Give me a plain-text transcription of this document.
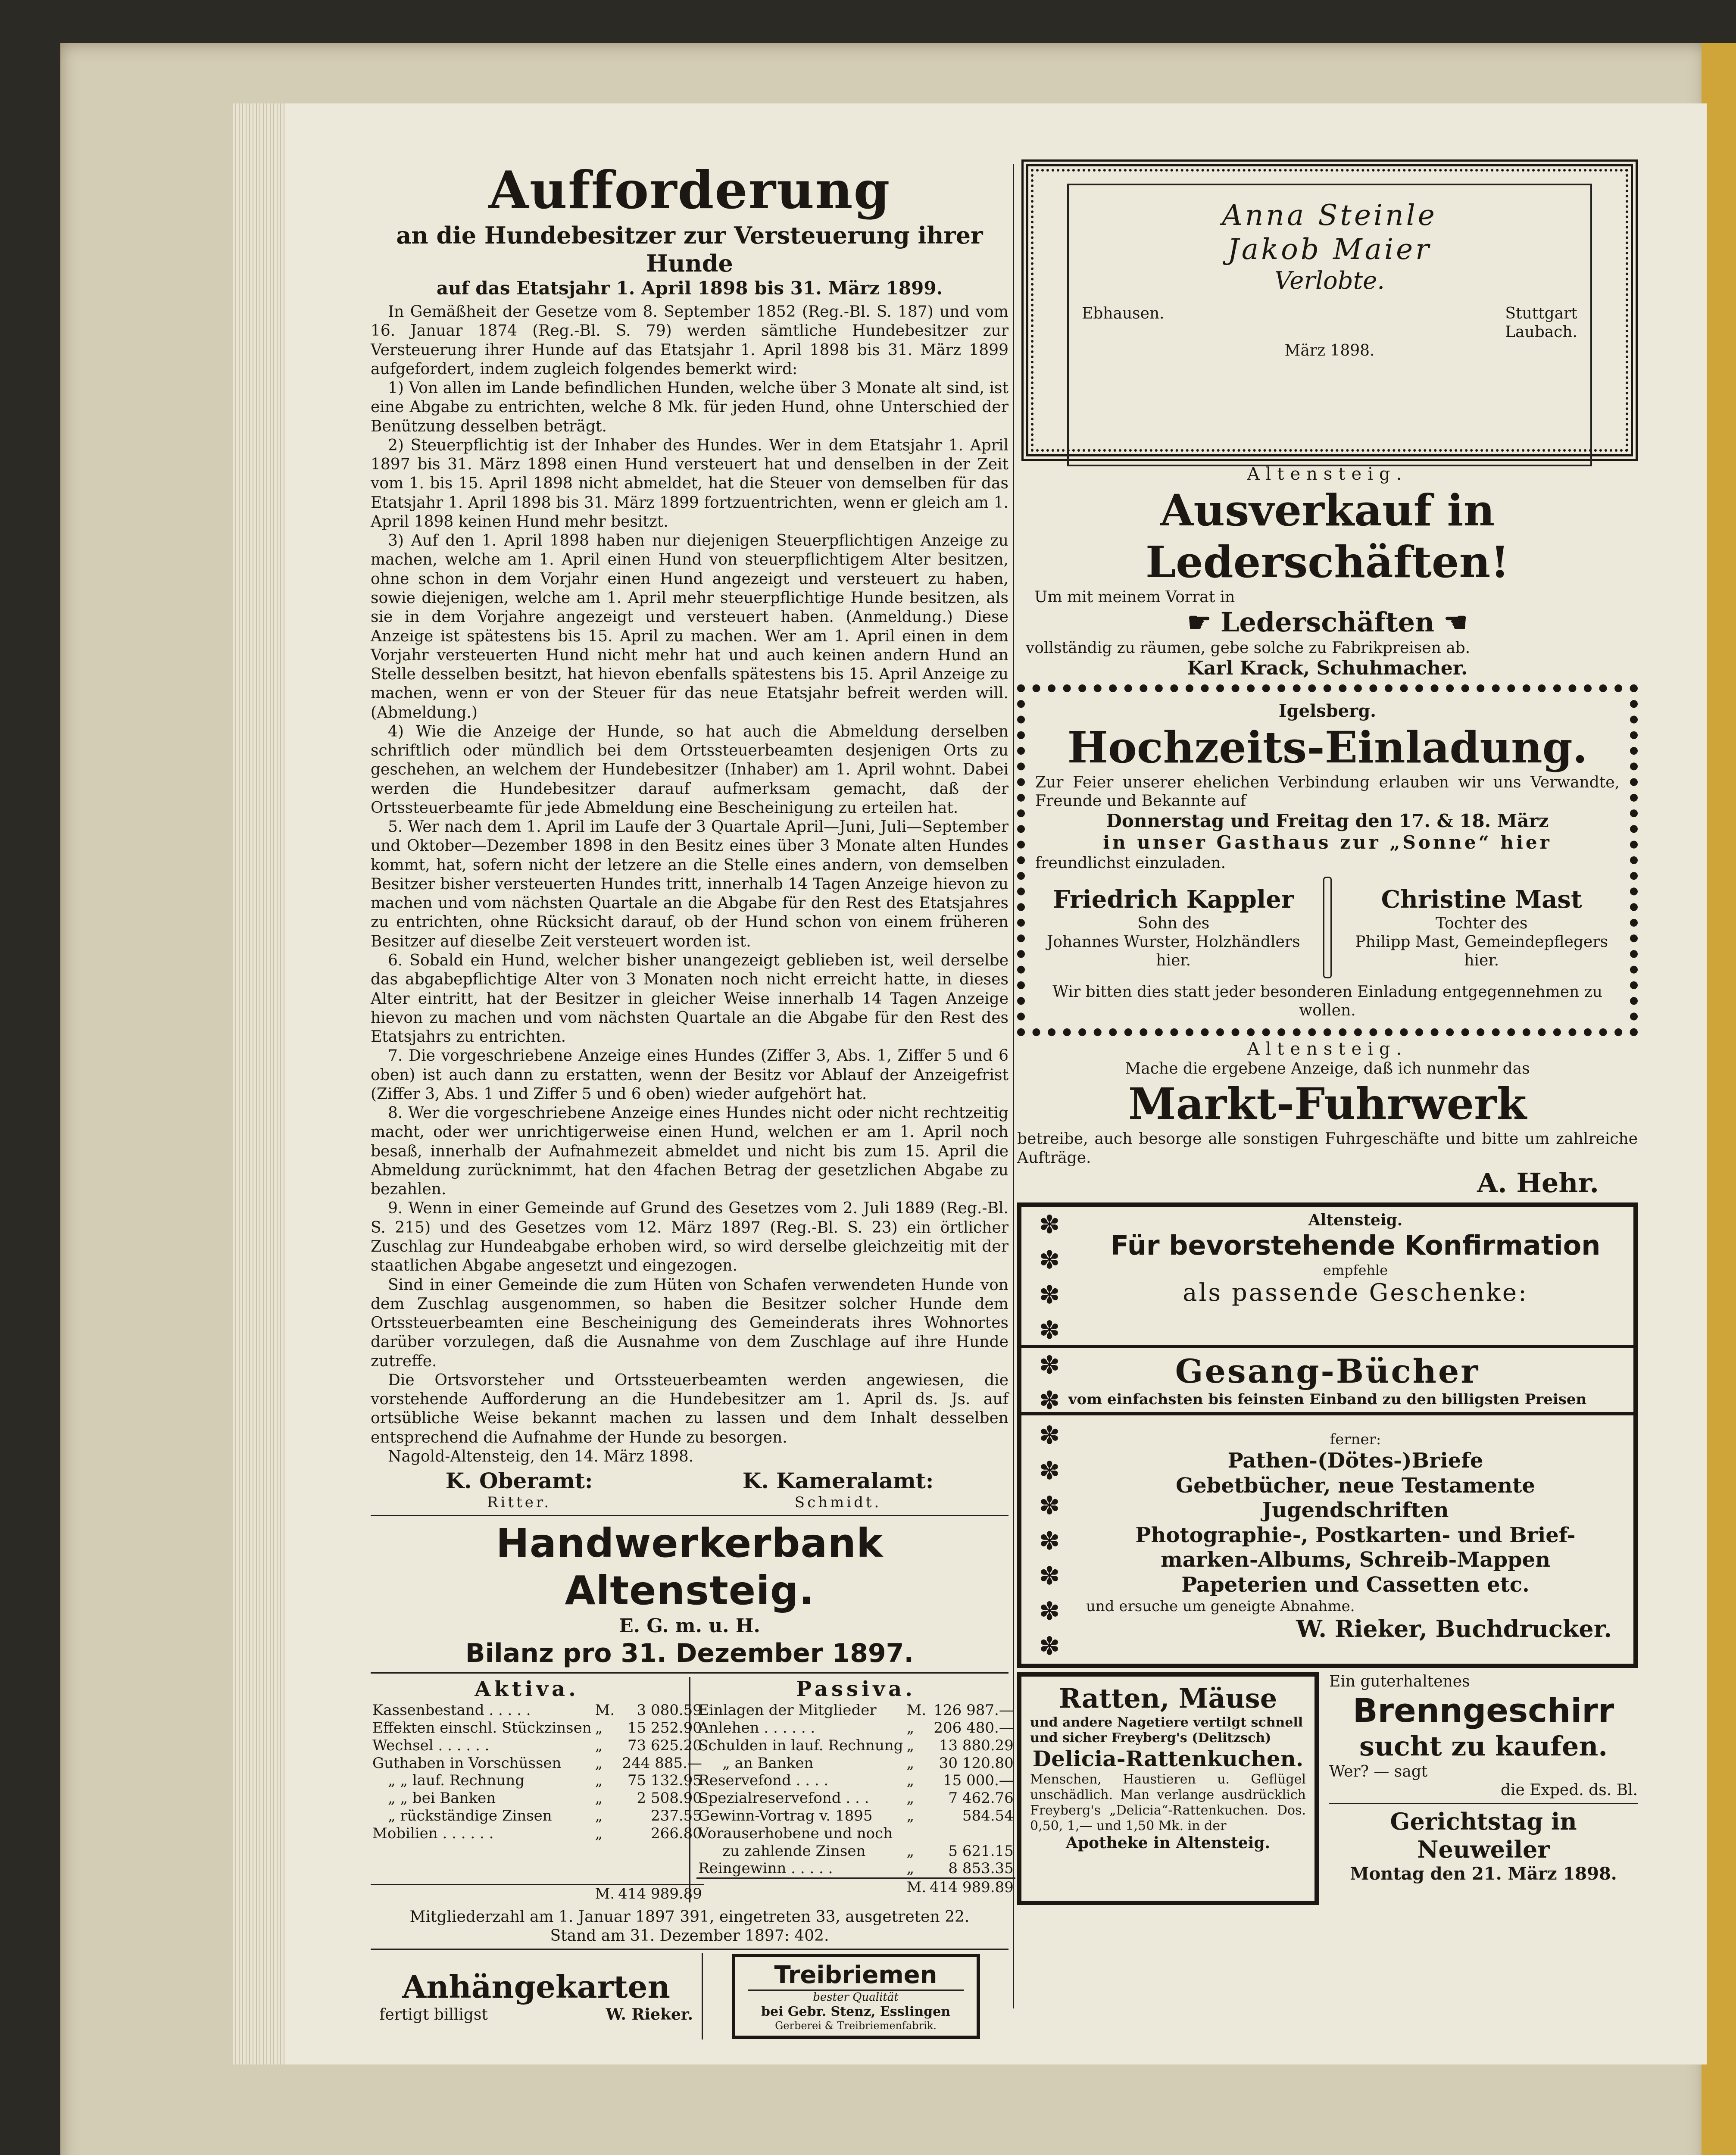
Aufforderung
an die Hundebesitzer zur Versteuerung ihrer Hunde
auf das Etatsjahr 1. April 1898 bis 31. März 1899.

In Gemäßheit der Gesetze vom 8. September 1852 (Reg.-Bl. S. 187) und vom 16. Januar 1874 (Reg.-Bl. S. 79) werden sämtliche Hundebesitzer zur Versteuerung ihrer Hunde auf das Etatsjahr 1. April 1898 bis 31. März 1899 aufgefordert, indem zugleich folgendes bemerkt wird:

1) Von allen im Lande befindlichen Hunden, welche über 3 Monate alt sind, ist eine Abgabe zu entrichten, welche 8 Mk. für jeden Hund, ohne Unterschied der Benützung desselben beträgt.

2) Steuerpflichtig ist der Inhaber des Hundes. Wer in dem Etatsjahr 1. April 1897 bis 31. März 1898 einen Hund versteuert hat und denselben in der Zeit vom 1. bis 15. April 1898 nicht abmeldet, hat die Steuer von demselben für das Etatsjahr 1. April 1898 bis 31. März 1899 fortzuentrichten, wenn er gleich am 1. April 1898 keinen Hund mehr besitzt.

3) Auf den 1. April 1898 haben nur diejenigen Steuerpflichtigen Anzeige zu machen, welche am 1. April einen Hund von steuerpflichtigem Alter besitzen, ohne schon in dem Vorjahr einen Hund angezeigt und versteuert zu haben, sowie diejenigen, welche am 1. April mehr steuerpflichtige Hunde besitzen, als sie in dem Vorjahre angezeigt und versteuert haben. (Anmeldung.) Diese Anzeige ist spätestens bis 15. April zu machen. Wer am 1. April einen in dem Vorjahr versteuerten Hund nicht mehr hat und auch keinen andern Hund an Stelle desselben besitzt, hat hievon ebenfalls spätestens bis 15. April Anzeige zu machen, wenn er von der Steuer für das neue Etatsjahr befreit werden will. (Abmeldung.)

4) Wie die Anzeige der Hunde, so hat auch die Abmeldung derselben schriftlich oder mündlich bei dem Ortssteuerbeamten desjenigen Orts zu geschehen, an welchem der Hundebesitzer (Inhaber) am 1. April wohnt. Dabei werden die Hundebesitzer darauf aufmerksam gemacht, daß der Ortssteuerbeamte für jede Abmeldung eine Bescheinigung zu erteilen hat.

5. Wer nach dem 1. April im Laufe der 3 Quartale April—Juni, Juli—September und Oktober—Dezember 1898 in den Besitz eines über 3 Monate alten Hundes kommt, hat, sofern nicht der letzere an die Stelle eines andern, von demselben Besitzer bisher versteuerten Hundes tritt, innerhalb 14 Tagen Anzeige hievon zu machen und vom nächsten Quartale an die Abgabe für den Rest des Etatsjahres zu entrichten, ohne Rücksicht darauf, ob der Hund schon von einem früheren Besitzer auf dieselbe Zeit versteuert worden ist.

6. Sobald ein Hund, welcher bisher unangezeigt geblieben ist, weil derselbe das abgabepflichtige Alter von 3 Monaten noch nicht erreicht hatte, in dieses Alter eintritt, hat der Besitzer in gleicher Weise innerhalb 14 Tagen Anzeige hievon zu machen und vom nächsten Quartale an die Abgabe für den Rest des Etatsjahrs zu entrichten.

7. Die vorgeschriebene Anzeige eines Hundes (Ziffer 3, Abs. 1, Ziffer 5 und 6 oben) ist auch dann zu erstatten, wenn der Besitz vor Ablauf der Anzeigefrist (Ziffer 3, Abs. 1 und Ziffer 5 und 6 oben) wieder aufgehört hat.

8. Wer die vorgeschriebene Anzeige eines Hundes nicht oder nicht rechtzeitig macht, oder wer unrichtigerweise einen Hund, welchen er am 1. April noch besaß, innerhalb der Aufnahmezeit abmeldet und nicht bis zum 15. April die Abmeldung zurücknimmt, hat den 4fachen Betrag der gesetzlichen Abgabe zu bezahlen.

9. Wenn in einer Gemeinde auf Grund des Gesetzes vom 2. Juli 1889 (Reg.-Bl. S. 215) und des Gesetzes vom 12. März 1897 (Reg.-Bl. S. 23) ein örtlicher Zuschlag zur Hundeabgabe erhoben wird, so wird derselbe gleichzeitig mit der staatlichen Abgabe angesetzt und eingezogen.

Sind in einer Gemeinde die zum Hüten von Schafen verwendeten Hunde von dem Zuschlag ausgenommen, so haben die Besitzer solcher Hunde dem Ortssteuerbeamten eine Bescheinigung des Gemeinderats ihres Wohnortes darüber vorzulegen, daß die Ausnahme von dem Zuschlage auf ihre Hunde zutreffe.

Die Ortsvorsteher und Ortssteuerbeamten werden angewiesen, die vorstehende Aufforderung an die Hundebesitzer am 1. April ds. Js. auf ortsübliche Weise bekannt machen zu lassen und dem Inhalt desselben entsprechend die Aufnahme der Hunde zu besorgen.

Nagold-Altensteig, den 14. März 1898.

K. Oberamt:
Ritter.
K. Kameralamt:
Schmidt.
Handwerkerbank Altensteig.
E. G. m. u. H.
Bilanz pro 31. Dezember 1897.
Aktiva.
Kassenbestand . . . . .	M.	3 080.59
Effekten einschl. Stückzinsen	„	15 252.90
Wechsel . . . . . .	„	73 625.20
Guthaben in Vorschüssen	„	244 885.—
„ „ lauf. Rechnung	„	75 132.95
„ „ bei Banken	„	2 508.90
„ rückständige Zinsen	„	237.55
Mobilien . . . . . .	„	266.80

	M.	414 989.89
Passiva.
Einlagen der Mitglieder	M.	126 987.—
Anlehen . . . . . .	„	206 480.—
Schulden in lauf. Rechnung	„	13 880.29
„ an Banken	„	30 120.80
Reservefond . . . .	„	15 000.—
Spezialreservefond . . .	„	7 462.76
Gewinn-Vortrag v. 1895	„	584.54
Vorauserhobene und noch		
zu zahlende Zinsen	„	5 621.15
Reingewinn . . . . .	„	8 853.35
	M.	414 989.89
Mitgliederzahl am 1. Januar 1897 391, eingetreten 33, ausgetreten 22.
Stand am 31. Dezember 1897: 402.
Anhängekarten
fertigt billigst	W. Rieker.
Treibriemen
bester Qualität
bei Gebr. Stenz, Esslingen
Gerberei & Treibriemenfabrik.
Anna Steinle
Jakob Maier
Verlobte.
Ebhausen.	Stuttgart
Laubach.
März 1898.
Altensteig.
Ausverkauf in Lederschäften!
Um mit meinem Vorrat in
☛ Lederschäften ☚
vollständig zu räumen, gebe solche zu Fabrikpreisen ab.
Karl Krack, Schuhmacher.
Igelsberg.
Hochzeits-Einladung.
Zur Feier unserer ehelichen Verbindung erlauben wir uns Verwandte, Freunde und Bekannte auf
Donnerstag und Freitag den 17. & 18. März
in unser Gasthaus zur „Sonne“ hier
freundlichst einzuladen.
Friedrich Kappler
Sohn des
Johannes Wurster, Holzhändlers
hier.
Christine Mast
Tochter des
Philipp Mast, Gemeindepflegers
hier.
Wir bitten dies statt jeder besonderen Einladung entgegennehmen zu wollen.
Altensteig.
Mache die ergebene Anzeige, daß ich nunmehr das
Markt-Fuhrwerk
betreibe, auch besorge alle sonstigen Fuhrgeschäfte und bitte um zahlreiche Aufträge.
A. Hehr.
✽
✽
✽
✽
✽
✽
✽
✽
✽
✽
✽
✽
✽
Altensteig.
Für bevorstehende Konfirmation
empfehle
als passende Geschenke:
Gesang-Bücher
vom einfachsten bis feinsten Einband zu den billigsten Preisen
ferner:
Pathen-(Dötes-)Briefe
Gebetbücher, neue Testamente
Jugendschriften
Photographie-, Postkarten- und Brief-
marken-Albums, Schreib-Mappen
Papeterien und Cassetten etc.
und ersuche um geneigte Abnahme.
W. Rieker, Buchdrucker.
Ratten, Mäuse
und andere Nagetiere vertilgt schnell und sicher Freyberg's (Delitzsch)
Delicia-Rattenkuchen.
Menschen, Haustieren u. Geflügel unschädlich. Man verlange ausdrücklich Freyberg's „Delicia“-Rattenkuchen. Dos. 0,50, 1,— und 1,50 Mk. in der
Apotheke in Altensteig.
Ein guterhaltenes
Brenngeschirr
sucht zu kaufen.
Wer? — sagt
die Exped. ds. Bl.
Gerichtstag in Neuweiler
Montag den 21. März 1898.
